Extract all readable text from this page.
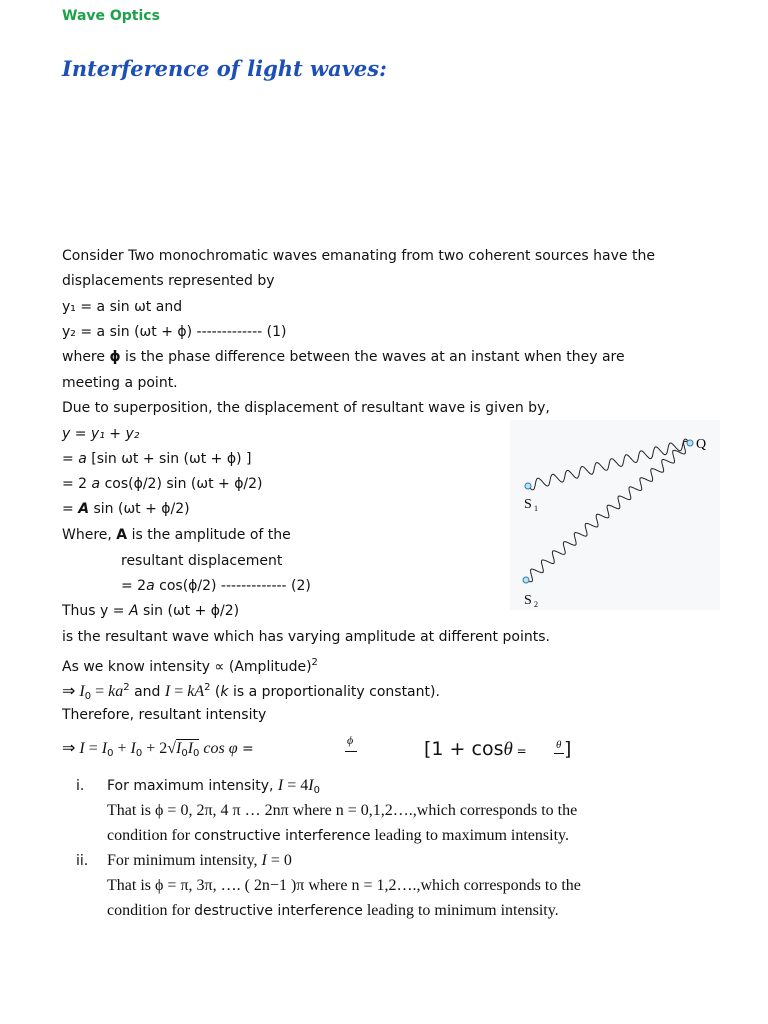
Wave Optics
Interference of light waves:
Consider Two monochromatic waves emanating from two coherent sources have the
displacements represented by
y₁ = a sin ωt and
y₂ = a sin (ωt + ϕ) ------------- (1)
where ϕ is the phase difference between the waves at an instant when they are
meeting a point.
Due to superposition, the displacement of resultant wave is given by,
y = y₁ + y₂
= a [sin ωt + sin (ωt + ϕ) ]
= 2 a cos(ϕ/2) sin (ωt + ϕ/2)
= A sin (ωt + ϕ/2)
Where, A is the amplitude of the
resultant displacement
= 2a cos(ϕ/2) ------------- (2)
Thus y = A sin (ωt + ϕ/2)
is the resultant wave which has varying amplitude at different points.
As we know intensity ∝ (Amplitude)$^2$
⇒ $I_0 = ka^2$ and $I = kA^2$ (k is a proportionality constant).
Therefore, resultant intensity
⇒ $I = I_0 + I_0 + 2√I_0I_0$ cos φ =
ϕ	[1 + cosθ =	θ ]
i. For maximum intensity, $I = 4I_0$
That is ϕ = 0, 2π, 4 π … 2nπ where n = 0,1,2….,which corresponds to the
condition for constructive interference leading to maximum intensity.
ii. For minimum intensity, I = 0
That is ϕ = π, 3π, …. ( 2n−1 )π where n = 1,2….,which corresponds to the
condition for destructive interference leading to minimum intensity.
Q
S 1
S 2
